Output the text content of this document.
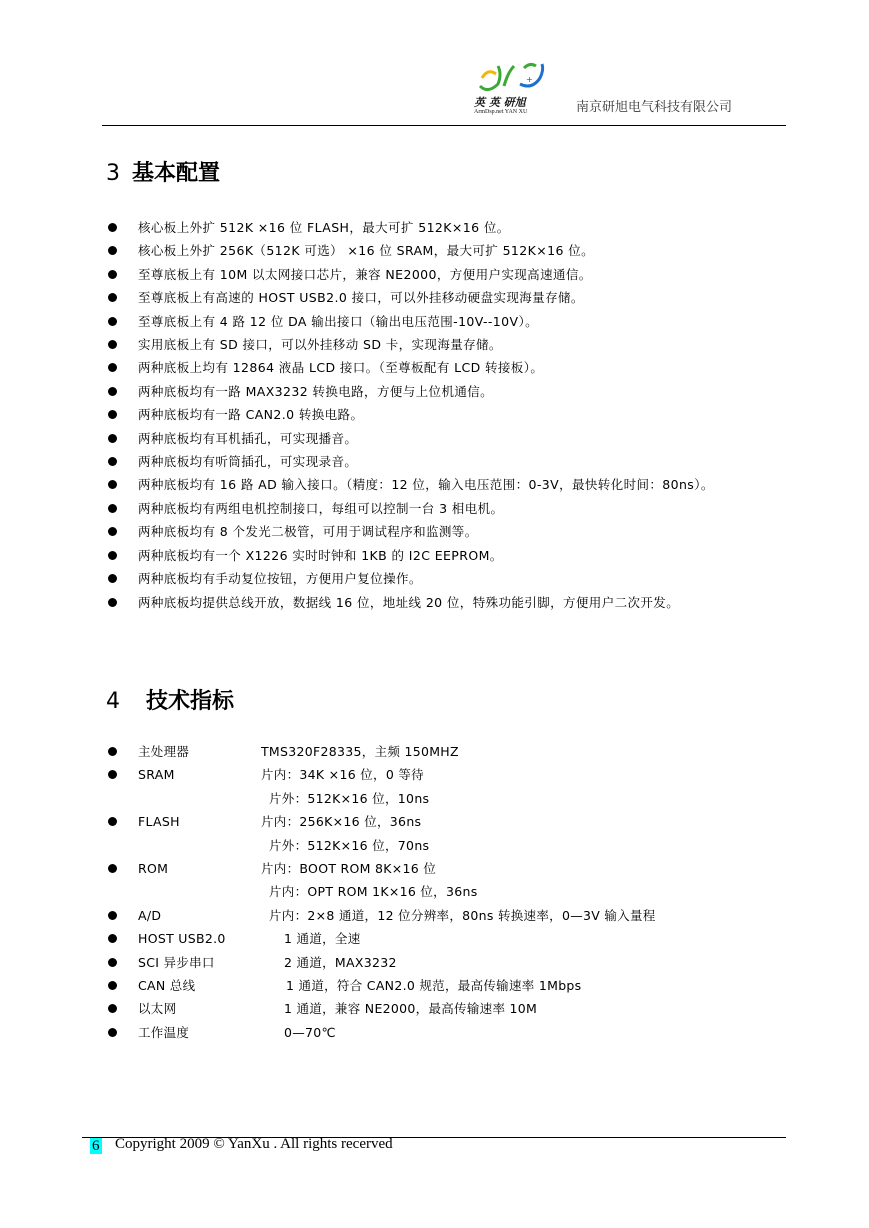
+
英 英 研旭
ArmDsp.net YAN XU	南京研旭电气科技有限公司
3 基本配置
核心板上外扩 512K ×16 位 FLASH，最大可扩 512K×16 位。
核心板上外扩 256K（512K 可选） ×16 位 SRAM，最大可扩 512K×16 位。
至尊底板上有 10M 以太网接口芯片，兼容 NE2000，方便用户实现高速通信。
至尊底板上有高速的 HOST USB2.0 接口，可以外挂移动硬盘实现海量存储。
至尊底板上有 4 路 12 位 DA 输出接口（输出电压范围-10V--10V）。
实用底板上有 SD 接口，可以外挂移动 SD 卡，实现海量存储。
两种底板上均有 12864 液晶 LCD 接口。（至尊板配有 LCD 转接板）。
两种底板均有一路 MAX3232 转换电路，方便与上位机通信。
两种底板均有一路 CAN2.0 转换电路。
两种底板均有耳机插孔，可实现播音。
两种底板均有听筒插孔，可实现录音。
两种底板均有 16 路 AD 输入接口。（精度：12 位，输入电压范围：0-3V，最快转化时间：80ns）。
两种底板均有两组电机控制接口，每组可以控制一台 3 相电机。
两种底板均有 8 个发光二极管，可用于调试程序和监测等。
两种底板均有一个 X1226 实时时钟和 1KB 的 I2C EEPROM。
两种底板均有手动复位按钮，方便用户复位操作。
两种底板均提供总线开放，数据线 16 位，地址线 20 位，特殊功能引脚，方便用户二次开发。
4 技术指标
主处理器	TMS320F28335，主频 150MHZ
SRAM	片内：34K ×16 位，0 等待
片外：512K×16 位，10ns
FLASH	片内：256K×16 位，36ns
片外：512K×16 位，70ns
ROM	片内：BOOT ROM 8K×16 位
片内：OPT ROM 1K×16 位，36ns
A/D	片内：2×8 通道，12 位分辨率，80ns 转换速率，0—3V 输入量程
HOST USB2.0	1 通道，全速
SCI 异步串口	2 通道，MAX3232
CAN 总线	1 通道，符合 CAN2.0 规范，最高传输速率 1Mbps
以太网	1 通道，兼容 NE2000，最高传输速率 10M
工作温度	0—70℃
6 Copyright 2009 © YanXu . All rights recerved
